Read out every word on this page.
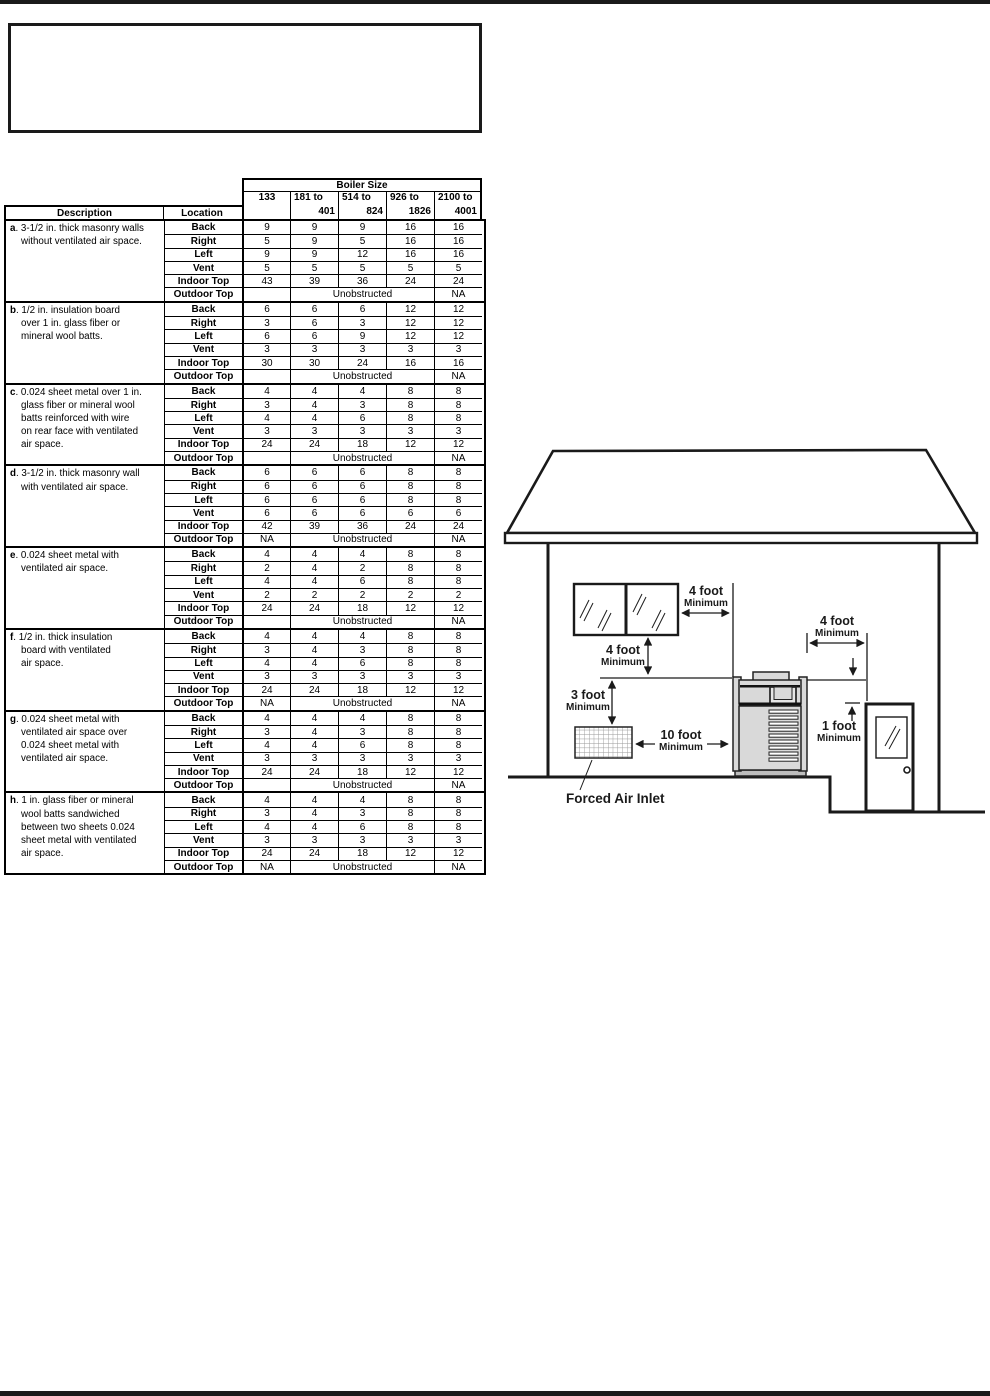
Boiler Size
133	181 to
401
514 to
824
926 to
1826
2100 to
4001
Description	Location
a. 3-1/2 in. thick masonry walls
without ventilated air space.
Back	9	9	9	16	16
Right	5	9	5	16	16
Left	9	9	12	16	16
Vent	5	5	5	5	5
Indoor Top	43	39	36	24	24
Outdoor Top	Unobstructed	NA
b. 1/2 in. insulation board
over 1 in. glass fiber or
mineral wool batts.
Back	6	6	6	12	12
Right	3	6	3	12	12
Left	6	6	9	12	12
Vent	3	3	3	3	3
Indoor Top	30	30	24	16	16
Outdoor Top	Unobstructed	NA
c. 0.024 sheet metal over 1 in.
glass fiber or mineral wool
batts reinforced with wire
on rear face with ventilated
air space.
Back	4	4	4	8	8
Right	3	4	3	8	8
Left	4	4	6	8	8
Vent	3	3	3	3	3
Indoor Top	24	24	18	12	12
Outdoor Top	Unobstructed	NA
d. 3-1/2 in. thick masonry wall
with ventilated air space.
Back	6	6	6	8	8
Right	6	6	6	8	8
Left	6	6	6	8	8
Vent	6	6	6	6	6
Indoor Top	42	39	36	24	24
Outdoor Top	NA	Unobstructed	NA
e. 0.024 sheet metal with
ventilated air space.
Back	4	4	4	8	8
Right	2	4	2	8	8
Left	4	4	6	8	8
Vent	2	2	2	2	2
Indoor Top	24	24	18	12	12
Outdoor Top	Unobstructed	NA
f. 1/2 in. thick insulation
board with ventilated
air space.
Back	4	4	4	8	8
Right	3	4	3	8	8
Left	4	4	6	8	8
Vent	3	3	3	3	3
Indoor Top	24	24	18	12	12
Outdoor Top	NA	Unobstructed	NA
g. 0.024 sheet metal with
ventilated air space over
0.024 sheet metal with
ventilated air space.
Back	4	4	4	8	8
Right	3	4	3	8	8
Left	4	4	6	8	8
Vent	3	3	3	3	3
Indoor Top	24	24	18	12	12
Outdoor Top	Unobstructed	NA
h. 1 in. glass fiber or mineral
wool batts sandwiched
between two sheets 0.024
sheet metal with ventilated
air space.
Back	4	4	4	8	8
Right	3	4	3	8	8
Left	4	4	6	8	8
Vent	3	3	3	3	3
Indoor Top	24	24	18	12	12
Outdoor Top	NA	Unobstructed	NA
4 foot
Minimum
4 foot
Minimum
3 foot
Minimum
10 foot
Minimum
4 foot
Minimum
1 foot
Minimum
Forced Air Inlet
